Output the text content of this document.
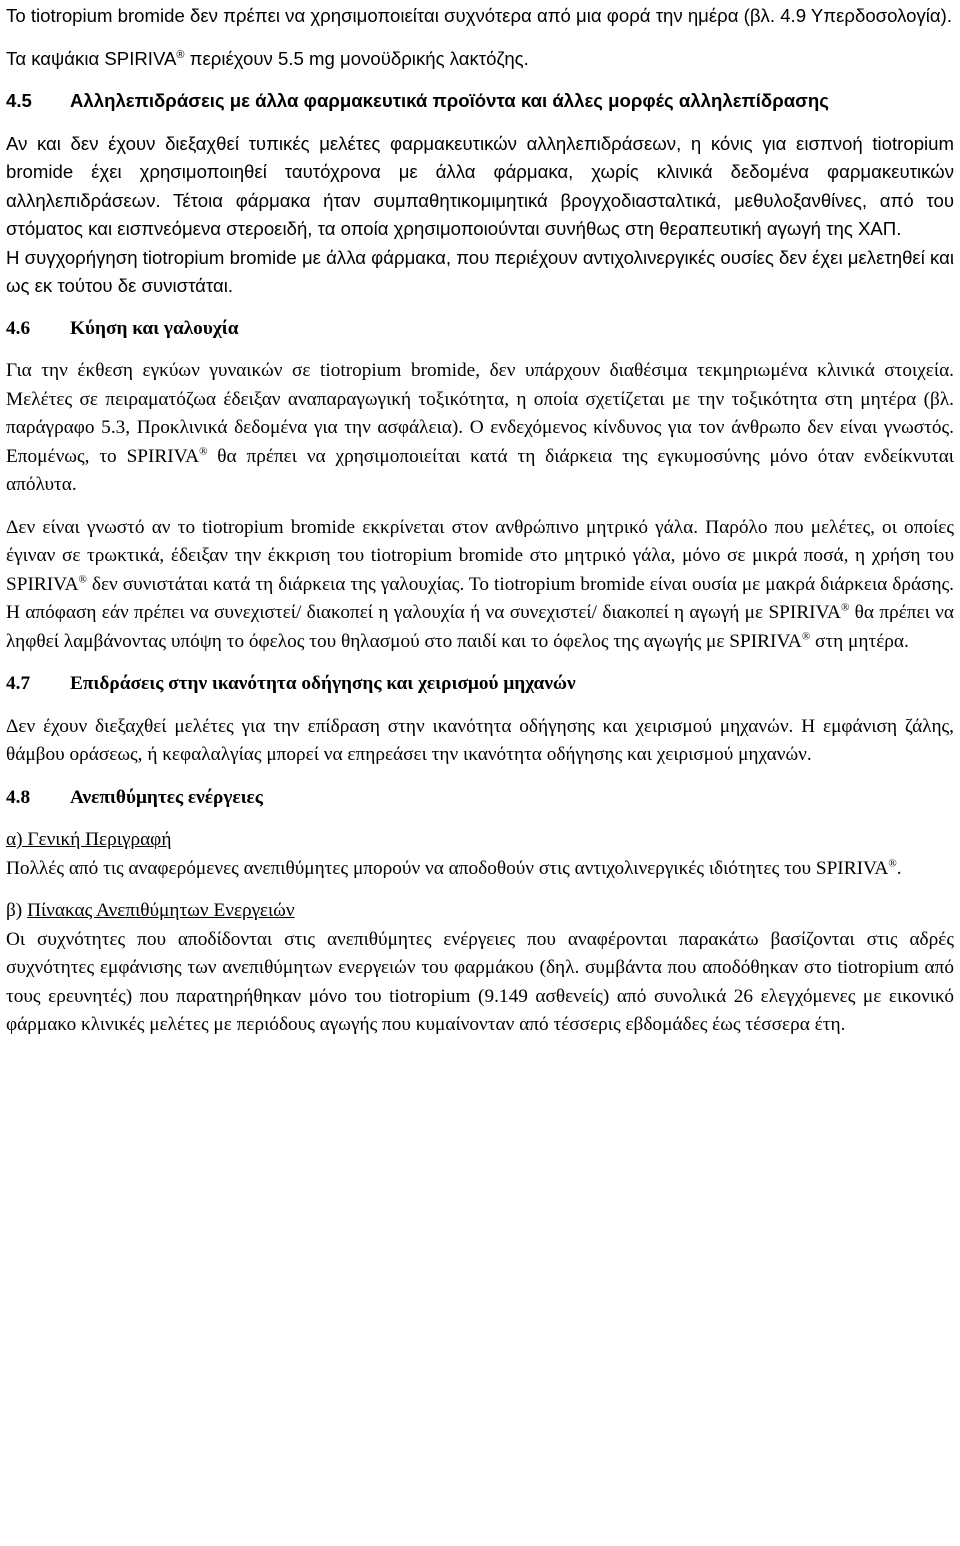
Το tiotropium bromide δεν πρέπει να χρησιμοποιείται συχνότερα από μια φορά την ημέρα (βλ. 4.9 Υπερδοσολογία).

Τα καψάκια SPIRIVA® περιέχουν 5.5 mg μονοϋδρικής λακτόζης.

4.5	Αλληλεπιδράσεις με άλλα φαρμακευτικά προϊόντα και άλλες μορφές αλληλεπίδρασης

Αν και δεν έχουν διεξαχθεί τυπικές μελέτες φαρμακευτικών αλληλεπιδράσεων, η κόνις για εισπνοή tiotropium bromide έχει χρησιμοποιηθεί ταυτόχρονα με άλλα φάρμακα, χωρίς κλινικά δεδομένα φαρμακευτικών αλληλεπιδράσεων. Τέτοια φάρμακα ήταν συμπαθητικομιμητικά βρογχοδιασταλτικά, μεθυλοξανθίνες, από του στόματος και εισπνεόμενα στεροειδή, τα οποία χρησιμοποιούνται συνήθως στη θεραπευτική αγωγή της ΧΑΠ.

Η συγχορήγηση tiotropium bromide με άλλα φάρμακα, που περιέχουν αντιχολινεργικές ουσίες δεν έχει μελετηθεί και ως εκ τούτου δε συνιστάται.

4.6	Κύηση και γαλουχία

Για την έκθεση εγκύων γυναικών σε tiotropium bromide, δεν υπάρχουν διαθέσιμα τεκμηριωμένα κλινικά στοιχεία. Μελέτες σε πειραματόζωα έδειξαν αναπαραγωγική τοξικότητα, η οποία σχετίζεται με την τοξικότητα στη μητέρα (βλ. παράγραφο 5.3, Προκλινικά δεδομένα για την ασφάλεια). Ο ενδεχόμενος κίνδυνος για τον άνθρωπο δεν είναι γνωστός. Επομένως, το SPIRIVA® θα πρέπει να χρησιμοποιείται κατά τη διάρκεια της εγκυμοσύνης μόνο όταν ενδείκνυται απόλυτα.

Δεν είναι γνωστό αν το tiotropium bromide εκκρίνεται στον ανθρώπινο μητρικό γάλα. Παρόλο που μελέτες, οι οποίες έγιναν σε τρωκτικά, έδειξαν την έκκριση του tiotropium bromide στο μητρικό γάλα, μόνο σε μικρά ποσά, η χρήση του SPIRIVA® δεν συνιστάται κατά τη διάρκεια της γαλουχίας. Το tiotropium bromide είναι ουσία με μακρά διάρκεια δράσης. Η απόφαση εάν πρέπει να συνεχιστεί/ διακοπεί η γαλουχία ή να συνεχιστεί/ διακοπεί η αγωγή με SPIRIVA® θα πρέπει να ληφθεί λαμβάνοντας υπόψη το όφελος του θηλασμού στο παιδί και το όφελος της αγωγής με SPIRIVA® στη μητέρα.

4.7	Επιδράσεις στην ικανότητα οδήγησης και χειρισμού μηχανών

Δεν έχουν διεξαχθεί μελέτες για την επίδραση στην ικανότητα οδήγησης και χειρισμού μηχανών. Η εμφάνιση ζάλης, θάμβου οράσεως, ή κεφαλαλγίας μπορεί να επηρεάσει την ικανότητα οδήγησης και χειρισμού μηχανών.

4.8	Ανεπιθύμητες ενέργειες

α) Γενική Περιγραφή

Πολλές από τις αναφερόμενες ανεπιθύμητες μπορούν να αποδοθούν στις αντιχολινεργικές ιδιότητες του SPIRIVA®.

β) Πίνακας Ανεπιθύμητων Ενεργειών

Οι συχνότητες που αποδίδονται στις ανεπιθύμητες ενέργειες που αναφέρονται παρακάτω βασίζονται στις αδρές συχνότητες εμφάνισης των ανεπιθύμητων ενεργειών του φαρμάκου (δηλ. συμβάντα που αποδόθηκαν στο tiotropium από τους ερευνητές) που παρατηρήθηκαν μόνο του tiotropium (9.149 ασθενείς) από συνολικά 26 ελεγχόμενες με εικονικό φάρμακο κλινικές μελέτες με περιόδους αγωγής που κυμαίνονταν από τέσσερις εβδομάδες έως τέσσερα έτη.
